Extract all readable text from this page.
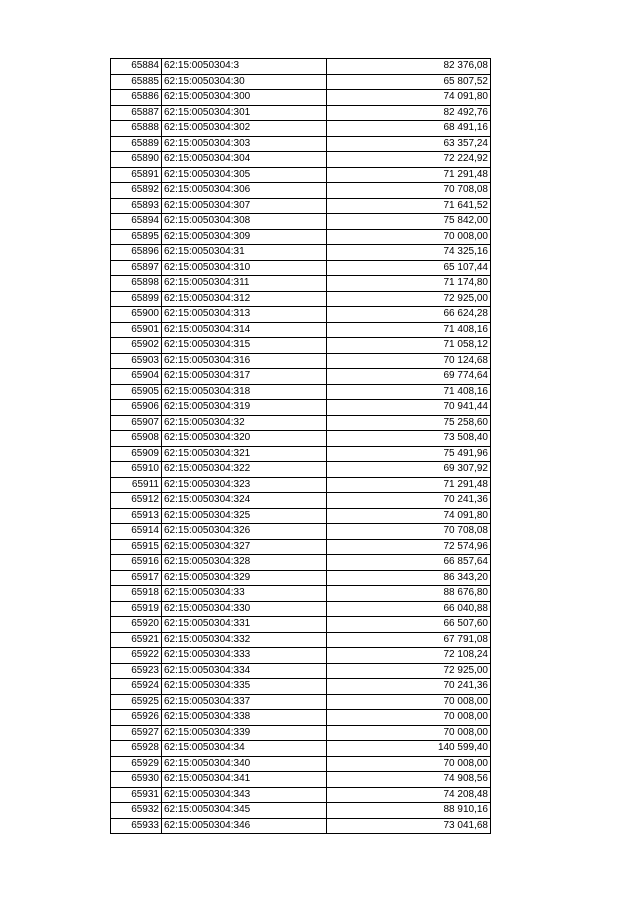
65884	62:15:0050304:3	82 376,08
65885	62:15:0050304:30	65 807,52
65886	62:15:0050304:300	74 091,80
65887	62:15:0050304:301	82 492,76
65888	62:15:0050304:302	68 491,16
65889	62:15:0050304:303	63 357,24
65890	62:15:0050304:304	72 224,92
65891	62:15:0050304:305	71 291,48
65892	62:15:0050304:306	70 708,08
65893	62:15:0050304:307	71 641,52
65894	62:15:0050304:308	75 842,00
65895	62:15:0050304:309	70 008,00
65896	62:15:0050304:31	74 325,16
65897	62:15:0050304:310	65 107,44
65898	62:15:0050304:311	71 174,80
65899	62:15:0050304:312	72 925,00
65900	62:15:0050304:313	66 624,28
65901	62:15:0050304:314	71 408,16
65902	62:15:0050304:315	71 058,12
65903	62:15:0050304:316	70 124,68
65904	62:15:0050304:317	69 774,64
65905	62:15:0050304:318	71 408,16
65906	62:15:0050304:319	70 941,44
65907	62:15:0050304:32	75 258,60
65908	62:15:0050304:320	73 508,40
65909	62:15:0050304:321	75 491,96
65910	62:15:0050304:322	69 307,92
65911	62:15:0050304:323	71 291,48
65912	62:15:0050304:324	70 241,36
65913	62:15:0050304:325	74 091,80
65914	62:15:0050304:326	70 708,08
65915	62:15:0050304:327	72 574,96
65916	62:15:0050304:328	66 857,64
65917	62:15:0050304:329	86 343,20
65918	62:15:0050304:33	88 676,80
65919	62:15:0050304:330	66 040,88
65920	62:15:0050304:331	66 507,60
65921	62:15:0050304:332	67 791,08
65922	62:15:0050304:333	72 108,24
65923	62:15:0050304:334	72 925,00
65924	62:15:0050304:335	70 241,36
65925	62:15:0050304:337	70 008,00
65926	62:15:0050304:338	70 008,00
65927	62:15:0050304:339	70 008,00
65928	62:15:0050304:34	140 599,40
65929	62:15:0050304:340	70 008,00
65930	62:15:0050304:341	74 908,56
65931	62:15:0050304:343	74 208,48
65932	62:15:0050304:345	88 910,16
65933	62:15:0050304:346	73 041,68
